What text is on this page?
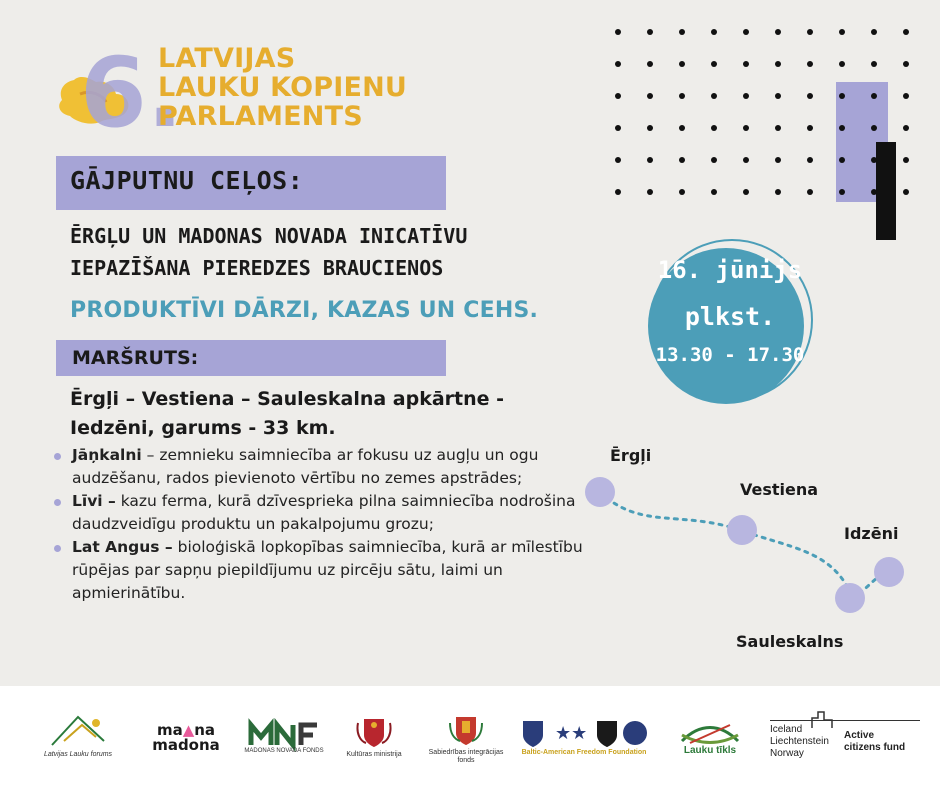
6.
LATVIJAS
LAUKU KOPIENU
PARLAMENTS
GĀJPUTNU CEĻOS:
ĒRGĻU UN MADONAS NOVADA INICATĪVU
IEPAZĪŠANA PIEREDZES BRAUCIENOS
PRODUKTĪVI DĀRZI, KAZAS UN CEHS.
MARŠRUTS:
Ērgļi – Vestiena – Sauleskalna apkārtne - Iedzēni, garums - 33 km.
Jāņkalni – zemnieku saimniecība ar fokusu uz augļu un ogu audzēšanu, rados pievienoto vērtību no zemes apstrādes;
Līvi – kazu ferma, kurā dzīvesprieka pilna saimniecība nodrošina daudzveidīgu produktu un pakalpojumu grozu;
Lat Angus – bioloģiskā lopkopības saimniecība, kurā ar mīlestību rūpējas par sapņu piepildījumu uz pircēju sātu, laimi un apmierinātību.
16. jūnijs
plkst.
13.30 - 17.30
Ērgļi
Vestiena
Idzēni
Sauleskalns
Latvijas Lauku forums
ma▲na
madona	MADONAS NOVADA FONDS	Kultūras ministrija	Sabiedrības integrācijas fonds
★★
Baltic-American Freedom Foundation	Lauku tīkls
Iceland
Liechtenstein
Norway
Active
citizens fund
